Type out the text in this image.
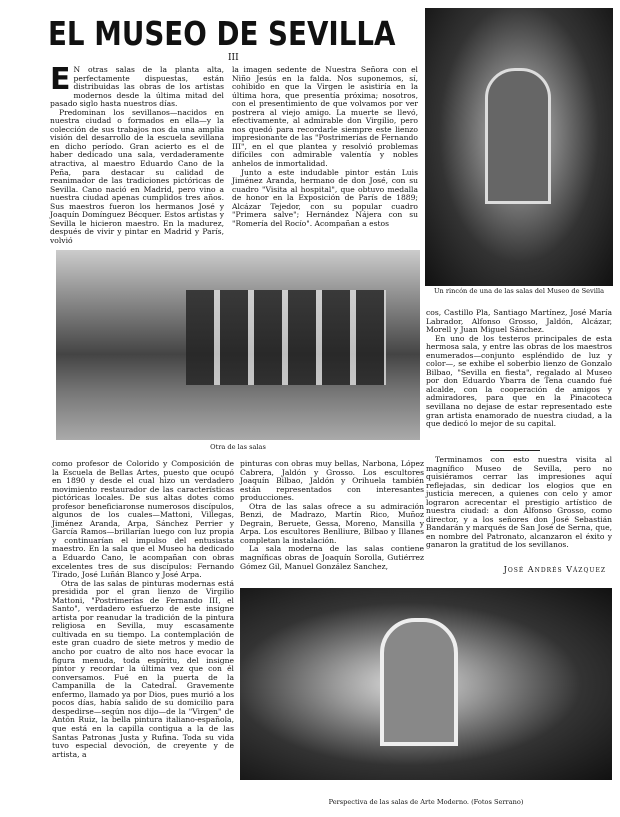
EL MUSEO DE SEVILLA
III

E N otras salas de la planta alta, perfectamente dispuestas, están distribuidas las obras de los artistas modernos desde la última mitad del pasado siglo hasta nuestros días.

Predominan los sevillanos—nacidos en nuestra ciudad o formados en ella—y la colección de sus trabajos nos da una amplia visión del desarrollo de la escuela sevillana en dicho período. Gran acierto es el de haber dedicado una sala, verdaderamente atractiva, al maestro Eduardo Cano de la Peña, para destacar su calidad de reanimador de las tradiciones pictóricas de Sevilla. Cano nació en Madrid, pero vino a nuestra ciudad apenas cumplidos tres años. Sus maestros fueron los hermanos José y Joaquín Domínguez Bécquer. Estos artistas y Sevilla le hicieron maestro. En la madurez, después de vivir y pintar en Madrid y París, volvió

la imagen sedente de Nuestra Señora con el Niño Jesús en la falda. Nos suponemos, sí, cohibido en que la Virgen le asistiría en la última hora, que presentía próxima; nosotros, con el presentimiento de que volvamos por ver postrera al viejo amigo. La muerte se llevó, efectivamente, al admirable don Virgilio, pero nos quedó para recordarle siempre este lienzo impresionante de las "Postrimerías de Fernando III", en el que plantea y resolvió problemas difíciles con admirable valentía y nobles anhelos de inmortalidad.

Junto a este indudable pintor están Luis Jiménez Aranda, hermano de don José, con su cuadro "Visita al hospital", que obtuvo medalla de honor en la Exposición de París de 1889; Alcázar Tejedor, con su popular cuadro "Primera salve"; Hernández Nájera con su "Romería del Rocío". Acompañan a estos

Un rincón de una de las salas del Museo de Sevilla

cos, Castillo Pla, Santiago Martínez, José María Labrador, Alfonso Grosso, Jaldón, Alcázar, Morell y Juan Miguel Sánchez.

En uno de los testeros principales de esta hermosa sala, y entre las obras de los maestros enumerados—conjunto espléndido de luz y color—, se exhibe el soberbio lienzo de Gonzalo Bilbao, "Sevilla en fiesta", regalado al Museo por don Eduardo Ybarra de Tena cuando fué alcalde, con la cooperación de amigos y admiradores, para que en la Pinacoteca sevillana no dejase de estar representado este gran artista enamorado de nuestra ciudad, a la que dedicó lo mejor de su capital.

Terminamos con esto nuestra visita al magnífico Museo de Sevilla, pero no quisiéramos cerrar las impresiones aquí reflejadas, sin dedicar los elogios que en justicia merecen, a quienes con celo y amor lograron acrecentar el prestigio artístico de nuestra ciudad: a don Alfonso Grosso, como director, y a los señores don José Sebastián Bandarán y marqués de San José de Serna, que, en nombre del Patronato, alcanzaron el éxito y ganaron la gratitud de los sevillanos.

José Andrés Vázquez
Otra de las salas

como profesor de Colorido y Composición de la Escuela de Bellas Artes, puesto que ocupó en 1890 y desde el cual hizo un verdadero movimiento restaurador de las características pictóricas locales. De sus altas dotes como profesor beneficiaronse numerosos discípulos, algunos de los cuales—Mattoni, Villegas, Jiménez Aranda, Arpa, Sánchez Perrier y García Ramos—brillarían luego con luz propia y continuarían el impulso del entusiasta maestro. En la sala que el Museo ha dedicado a Eduardo Cano, le acompañan con obras excelentes tres de sus discípulos: Fernando Tirado, José Luñán Blanco y José Arpa.

Otra de las salas de pinturas modernas está presidida por el gran lienzo de Virgilio Mattoni, "Postrimerías de Fernando III, el Santo", verdadero esfuerzo de este insigne artista por reanudar la tradición de la pintura religiosa en Sevilla, muy escasamente cultivada en su tiempo. La contemplación de este gran cuadro de siete metros y medio de ancho por cuatro de alto nos hace evocar la figura menuda, toda espíritu, del insigne pintor y recordar la última vez que con él conversamos. Fué en la puerta de la Campanilla de la Catedral. Gravemente enfermo, llamado ya por Dios, pues murió a los pocos días, había salido de su domicilio para despedirse—según nos dijo—de la "Virgen" de Antón Ruiz, la bella pintura italiano-española, que está en la capilla contigua a la de las Santas Patronas Justa y Rufina. Toda su vida tuvo especial devoción, de creyente y de artista, a

pinturas con obras muy bellas, Narbona, López Cabrera, Jaldón y Grosso. Los escultores Joaquín Bilbao, Jaldón y Orihuela también están representados con interesantes producciones.

Otra de las salas ofrece a su admiración Benzi, de Madrazo, Martín Rico, Muñoz Degrain, Beruete, Gessa, Moreno, Mansilla y Arpa. Los escultores Benlliure, Bilbao y Illanes completan la instalación.

La sala moderna de las salas contiene magníficas obras de Joaquín Sorolla, Gutiérrez Gómez Gil, Manuel González Sanchez,

Perspectiva de las salas de Arte Moderno. (Fotos Serrano)
